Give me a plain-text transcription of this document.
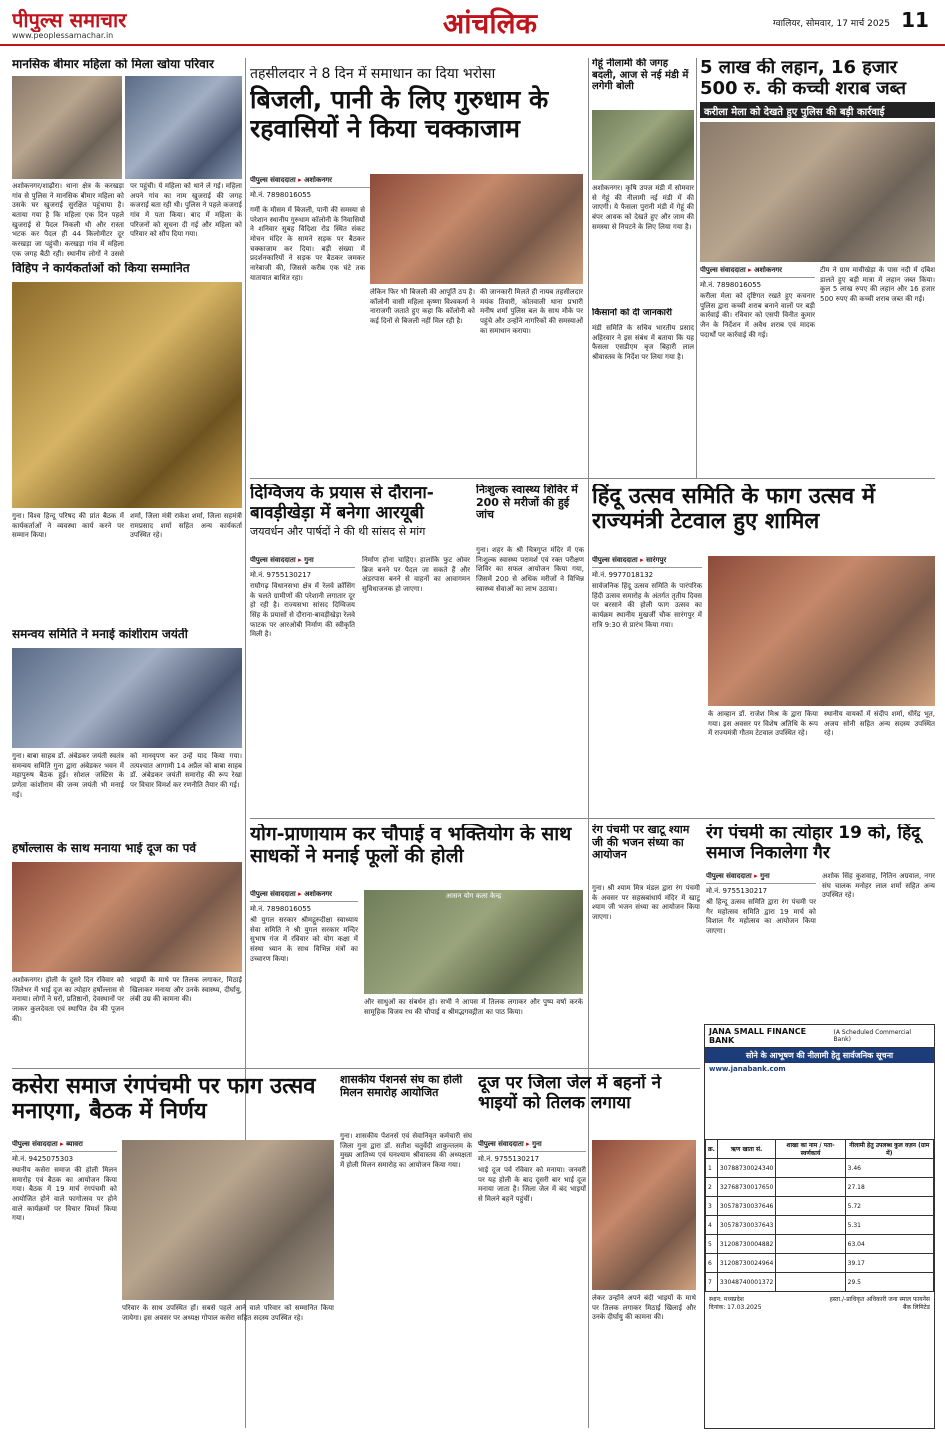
पीपुल्स समाचार
www.peoplessamachar.in	आंचलिक	ग्वालियर, सोमवार, 17 मार्च 2025 11
मानसिक बीमार महिला को मिला खोया परिवार
अशोकनगर/शाढ़ौरा। थाना क्षेत्र के करखड़ा गांव से पुलिस ने मानसिक बीमार महिला को उसके घर खुजराई सुरक्षित पहुंचाया है। बताया गया है कि महिला एक दिन पहले खुजराई से पैदल निकली थी और रास्ता भटक कर पैदल ही 44 किलोमीटर दूर करखड़ा जा पहुंची। करखड़ा गांव में महिला एक जगह बैठी रही। स्थानीय लोगों ने उससे
पर पहुंची। ये महिला को थाने ले गई। महिला अपने गांव का नाम खुजराई की जगह कजराई बता रही थी। पुलिस ने पहले कजराई गांव में पता किया। बाद में महिला के परिजनों को सूचना दी गई और महिला को परिवार को सौंप दिया गया।
तहसीलदार ने 8 दिन में समाधान का दिया भरोसा
बिजली, पानी के लिए गुरुधाम के रहवासियों ने किया चक्काजाम
पीपुल्स संवाददाता ▸ अशोकनगर
मो.नं. 7898016055
गर्मी के मौसम में बिजली, पानी की समस्या से परेशान स्थानीय गुरुधाम कॉलोनी के निवासियों ने शनिवार सुबह विदिशा रोड स्थित संकट मोचन मंदिर के सामने सड़क पर बैठकर चक्काजाम कर दिया। बड़ी संख्या में प्रदर्शनकारियों ने सड़क पर बैठकर जमकर नारेबाजी की, जिससे करीब एक घंटे तक यातायात बाधित रहा।
लेकिन फिर भी बिजली की आपूर्ति ठप है। कॉलोनी वासी महिला कृष्णा विश्वकर्मा ने नाराजगी जताते हुए कहा कि कॉलोनी को कई दिनों से बिजली नहीं मिल रही है।
की जानकारी मिलते ही नायब तहसीलदार मयंक तिवारी, कोतवाली थाना प्रभारी मनीष शर्मा पुलिस बल के साथ मौके पर पहुंचे और उन्होंने नागरिकों की समस्याओं का समाधान कराया।
गेहूं नीलामी की जगह बदली, आज से नई मंडी में लगेगी बोली
अशोकनगर। कृषि उपज मंडी में सोमवार से गेहूं की नीलामी नई मंडी में की जाएगी। ये फैसला पुरानी मंडी में गेहूं की बंपर आवक को देखते हुए और जाम की समस्या से निपटने के लिए लिया गया है।
किसानों को दी जानकारी
मंडी समिति के सचिव भारतीय प्रसाद अहिरवार ने इस संबंध में बताया कि यह फैसला एसडीएम बृज बिहारी लाल श्रीवास्तव के निर्देश पर लिया गया है।
5 लाख की लहान, 16 हजार 500 रु. की कच्ची शराब जब्त
करीला मेला को देखते हुए पुलिस की बड़ी कार्रवाई
पीपुल्स संवाददाता ▸ अशोकनगर
मो.नं. 7898016055
करीला मेला को दृष्टिगत रखते हुए कचनार पुलिस द्वारा कच्ची शराब बनाने वालों पर बड़ी कार्रवाई की। रविवार को एसपी विनीत कुमार जैन के निर्देशन में अवैध शराब एवं मादक पदार्थों पर कार्रवाई की गई।
टीम ने ग्राम मावीखेड़ा के पास नदी में दबिश डालते हुए बड़ी मात्रा में लहान जब्त किया। कुल 5 लाख रुपए की लहान और 16 हजार 500 रुपए की कच्ची शराब जब्त की गई।
विहिप ने कार्यकर्ताओं को किया सम्मानित
गुना। विश्व हिन्दू परिषद की प्रांत बैठक में कार्यकर्ताओं ने व्यवस्था कार्य करने पर सम्मान किया।
शर्मा, जिला मंत्री राकेश शर्मा, जिला सहमंत्री रामप्रसाद शर्मा सहित अन्य कार्यकर्ता उपस्थित रहे।
दिग्विजय के प्रयास से दौराना-बावड़ीखेड़ा में बनेगा आरयूबी
जयवर्धन और पार्षदों ने की थी सांसद से मांग
पीपुल्स संवाददाता ▸ गुना
मो.नं. 9755130217
राघौगढ़ विधानसभा क्षेत्र में रेलवे क्रॉसिंग के चलते ग्रामीणों की परेशानी लगातार दूर हो रही है। राज्यसभा सांसद दिग्विजय सिंह के प्रयासों से दौराना-बावड़ीखेड़ा रेलवे फाटक पर आरओबी निर्माण की स्वीकृति मिली है।
निर्माण होना चाहिए। हालांकि फुट ओवर ब्रिज बनने पर पैदल जा सकते हैं और अंडरपास बनने से वाहनों का आवागमन सुविधाजनक हो जाएगा।
निःशुल्क स्वास्थ्य शिविर में 200 से मरीजों की हुई जांच
गुना। शहर के श्री चित्रगुप्त मंदिर में एक निःशुल्क स्वास्थ्य परामर्श एवं रक्त परीक्षण शिविर का सफल आयोजन किया गया, जिसमें 200 से अधिक मरीजों ने विभिन्न स्वास्थ्य सेवाओं का लाभ उठाया।
हिंदू उत्सव समिति के फाग उत्सव में राज्यमंत्री टेटवाल हुए शामिल
पीपुल्स संवाददाता ▸ सारंगपुर
मो.नं. 9977018132
सार्वजनिक हिंदू उत्सव समिति के पारंपरिक हिंदी उत्सव समारोह के अंतर्गत तृतीय दिवस पर बरसाने की होली फाग उत्सव का कार्यक्रम स्थानीय मुखर्जी चौक सारंगपुर में रात्रि 9:30 से प्रारंभ किया गया।
के आव्हान डॉ. राजेश मिश्र के द्वारा किया गया। इस अवसर पर विशेष अतिथि के रूप में राज्यमंत्री गौतम टेटवाल उपस्थित रहे।
स्थानीय वायकों में संदीप शर्मा, धीरेंद्र भूत, अजय सोनी सहित अन्य सदस्य उपस्थित रहे।
समन्वय समिति ने मनाई कांशीराम जयंती
गुना। बाबा साहब डॉ. अंबेडकर जयंती स्वतंत्र समन्वय समिति गुना द्वारा अंबेडकर भवन में महापुरुष बैठक हुई। सोशल जस्टिस के प्रणेता कांशीराम की जन्म जयंती भी मनाई गई।
को मानवृपण कर उन्हें याद किया गया। तत्पश्चात आगामी 14 अप्रैल को बाबा साहब डॉ. अंबेडकर जयंती समारोह की रूप रेखा पर विचार विमर्श कर रणनीति तैयार की गई।
योग-प्राणायाम कर चौपाई व भक्तियोग के साथ साधकों ने मनाई फूलों की होली
पीपुल्स संवाददाता ▸ अशोकनगर
मो.नं. 7898016055
श्री युगल सरकार श्रीमद्गुरुदीक्षा स्वाध्याय सेवा समिति ने श्री युगल सरकार मन्दिर सुभाष गंज में रविवार को योग कक्षा में संस्था ध्यान के साथ विभिन्न मंत्रों का उच्चारण किया।
आसन योग कला केन्द्र
और साधुओं का संबर्धन हो। सभी ने आपस में तिलक लगाकर और पुष्प वर्षा करके सामूहिक विजय रथ की चौपाई व श्रीमद्भगवद्गीता का पाठ किया।
रंग पंचमी पर खाटू श्याम जी की भजन संध्या का आयोजन
गुना। श्री श्याम मित्र मंडल द्वारा रंग पंचमी के अवसर पर सहस्रबांधार्य मंदिर में खाटू श्याम जी भजन संध्या का आयोजन किया जाएगा।
रंग पंचमी का त्योहार 19 को, हिंदू समाज निकालेगा गैर
पीपुल्स संवाददाता ▸ गुना
मो.नं. 9755130217
श्री हिन्दू उत्सव समिति द्वारा रंग पंचमी पर गैर महोत्सव समिति द्वारा 19 मार्च को विशाल गैर महोत्सव का आयोजन किया जाएगा।
अशोक सिंह कुशवाह, नितिन अग्रवाल, नगर संघ चालक मनोहर लाल शर्मा सहित अन्य उपस्थित रहे।
हर्षोल्लास के साथ मनाया भाई दूज का पर्व
अशोकनगर। होली के दूसरे दिन रविवार को जिलेभर में भाई दूज का त्योहार हर्षोल्लास से मनाया। लोगों ने घरों, प्रतिष्ठानों, देवस्थानों पर जाकर कुलदेवता एवं स्थापित देव की पूजन की।
भाइयों के माथे पर तिलक लगाकर, मिठाई खिलाकर मनाया और उनके स्वास्थ्य, दीर्घायु, लंबी उम्र की कामना की।
कसेरा समाज रंगपंचमी पर फाग उत्सव मनाएगा, बैठक में निर्णय
पीपुल्स संवाददाता ▸ ब्यावरा
मो.नं. 9425075303
स्थानीय कसेरा समाज की होली मिलन समारोह एवं बैठक का आयोजन किया गया। बैठक में 19 मार्च रंगपंचमी को आयोजित होने वाले फागोत्सव पर होने वाले कार्यक्रमों पर विचार विमर्श किया गया।
परिवार के साथ उपस्थित हों। सबसे पहले आने वाले परिवार को सम्मानित किया जायेगा। इस अवसर पर अध्यक्ष गोपाल कसेरा सहित सदस्य उपस्थित रहे।
शासकीय पेंशनर्स संघ का होली मिलन समारोह आयोजित
गुना। शासकीय पेंशनर्स एवं सेवानिवृत कर्मचारी संघ जिला गुना द्वारा डॉ. सतीश चतुर्वेदी शाकुन्तलम के मुख्य आतिथ्य एवं घनश्याम श्रीवास्तव की अध्यक्षता में होली मिलन समारोह का आयोजन किया गया।
दूज पर जिला जेल में बहनों ने भाइयों को तिलक लगाया
पीपुल्स संवाददाता ▸ गुना
मो.नं. 9755130217
भाई दूज पर्व रविवार को मनाया। जनवरी पर यह होली के बाद दूसरी बार भाई दूज मनाया जाता है। जिला जेल में बंद भाइयों से मिलने बहनें पहुंचीं।
लेकर उन्होंने अपने बंदी भाइयों के माथे पर तिलक लगाकर मिठाई खिलाई और उनके दीर्घायु की कामना की।
JANA SMALL FINANCE BANK
(A Scheduled Commercial Bank)
सोने के आभूषण की नीलामी हेतु सार्वजनिक सूचना
www.janabank.com
क्र.	ऋण खाता सं.	शाखा का नाम / पता-स्वर्णकार्य	नीलामी हेतु उपलब्ध कुल वज़न (ग्राम में)
1	30788730024340		3.46
2	32768730017650		27.18
3	30578730037646		5.72
4	30578730037643		5.31
5	31208730004882		63.04
6	31208730024964		39.17
7	33048740001372		29.5
स्थान: मध्यप्रदेश
दिनांक: 17.03.2025
हस्ता./-प्राधिकृत अधिकारी जना स्माल फायनेंस बैंक लिमिटेड
